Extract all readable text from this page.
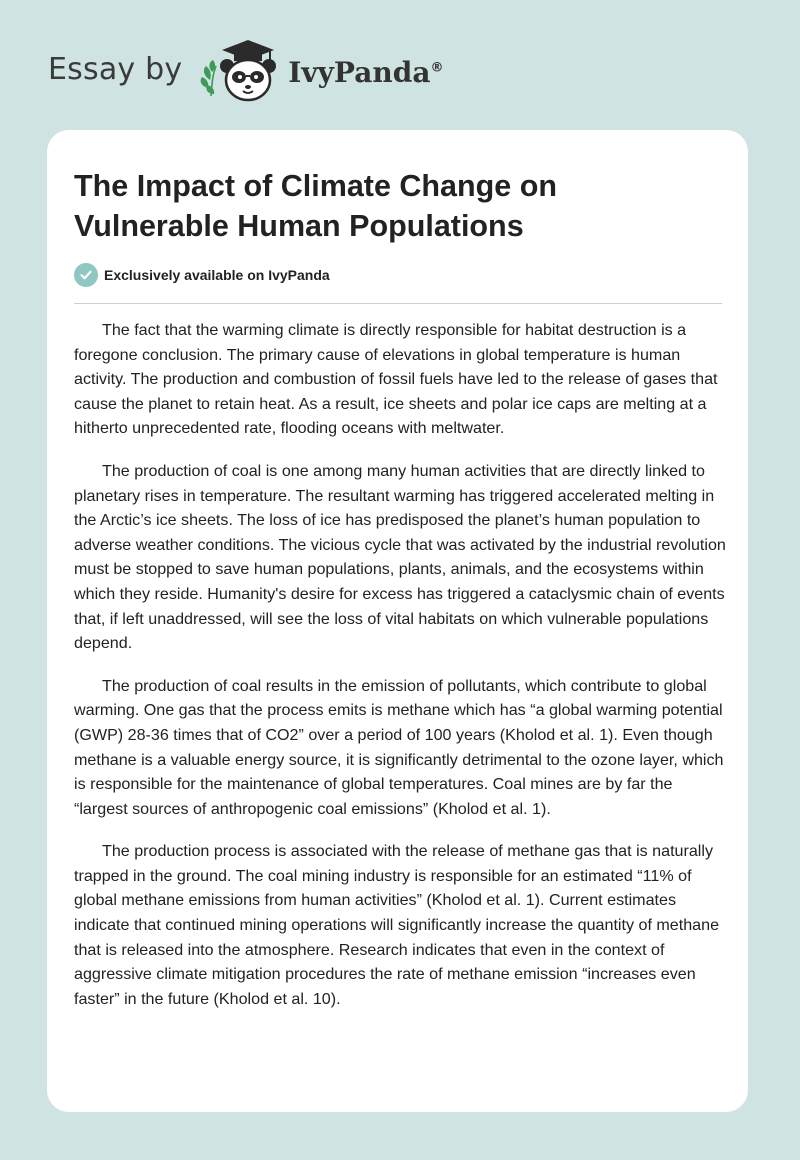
Essay by	IvyPanda®
The Impact of Climate Change on Vulnerable Human Populations
Exclusively available on IvyPanda

The fact that the warming climate is directly responsible for habitat destruction is a foregone conclusion. The primary cause of elevations in global temperature is human activity. The production and combustion of fossil fuels have led to the release of gases that cause the planet to retain heat. As a result, ice sheets and polar ice caps are melting at a hitherto unprecedented rate, flooding oceans with meltwater.

The production of coal is one among many human activities that are directly linked to planetary rises in temperature. The resultant warming has triggered accelerated melting in the Arctic’s ice sheets. The loss of ice has predisposed the planet’s human population to adverse weather conditions. The vicious cycle that was activated by the industrial revolution must be stopped to save human populations, plants, animals, and the ecosystems within which they reside. Humanity's desire for excess has triggered a cataclysmic chain of events that, if left unaddressed, will see the loss of vital habitats on which vulnerable populations depend.

The production of coal results in the emission of pollutants, which contribute to global warming. One gas that the process emits is methane which has “a global warming potential (GWP) 28-36 times that of CO2” over a period of 100 years (Kholod et al. 1). Even though methane is a valuable energy source, it is significantly detrimental to the ozone layer, which is responsible for the maintenance of global temperatures. Coal mines are by far the “largest sources of anthropogenic coal emissions” (Kholod et al. 1).

The production process is associated with the release of methane gas that is naturally trapped in the ground. The coal mining industry is responsible for an estimated “11% of global methane emissions from human activities” (Kholod et al. 1). Current estimates indicate that continued mining operations will significantly increase the quantity of methane that is released into the atmosphere. Research indicates that even in the context of aggressive climate mitigation procedures the rate of methane emission “increases even faster” in the future (Kholod et al. 10).
